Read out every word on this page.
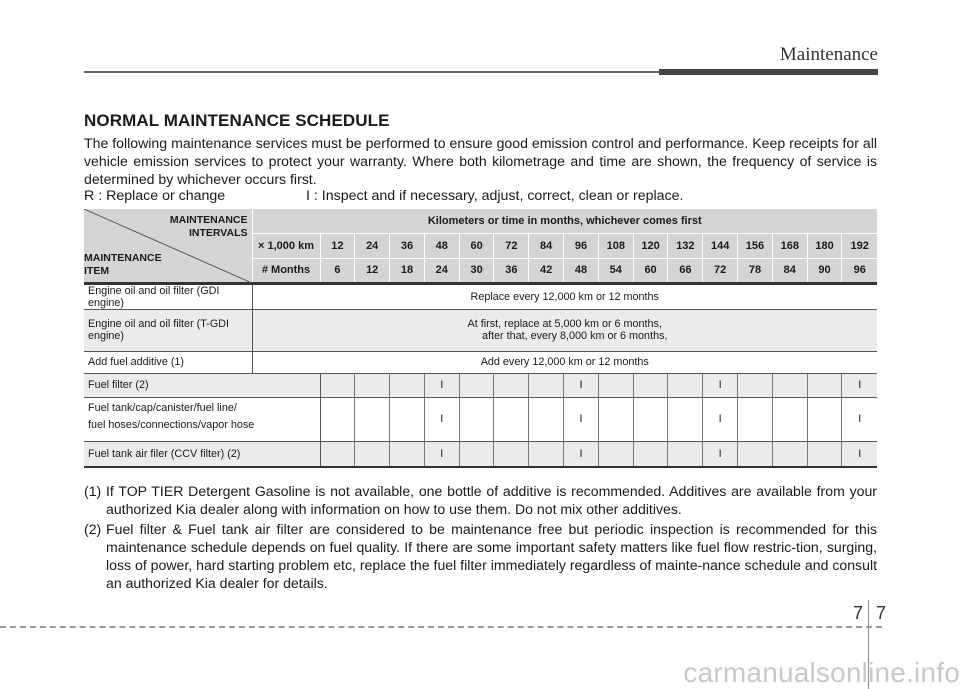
Maintenance
NORMAL MAINTENANCE SCHEDULE

The following maintenance services must be performed to ensure good emission control and performance. Keep receipts for all vehicle emission services to protect your warranty. Where both kilometrage and time are shown, the frequency of service is determined by whichever occurs first.

R : Replace or change	I : Inspect and if necessary, adjust, correct, clean or replace.
MAINTENANCE
INTERVALS
MAINTENANCE
ITEM	Kilometers or time in months, whichever comes first																
	× 1,000 km	12	24	36	48	60	72	84	96	108	120	132	144	156	168	180	192
	# Months	6	12	18	24	30	36	42	48	54	60	66	72	78	84	90	96
Engine oil and oil filter (GDI engine)	Replace every 12,000 km or 12 months																
Engine oil and oil filter (T-GDI engine)	At first, replace at 5,000 km or 6 months,
after that, every 8,000 km or 6 months,																
Add fuel additive (1)	Add every 12,000 km or 12 months																
Fuel filter (2)					I				I				I				I
Fuel tank/cap/canister/fuel line/
fuel hoses/connections/vapor hose					I				I				I				I
Fuel tank air filer (CCV filter) (2)					I				I				I				I
(1) If TOP TIER Detergent Gasoline is not available, one bottle of additive is recommended. Additives are available from your authorized Kia dealer along with information on how to use them. Do not mix other additives.
(2) Fuel filter & Fuel tank air filter are considered to be maintenance free but periodic inspection is recommended for this maintenance schedule depends on fuel quality. If there are some important safety matters like fuel flow restric-tion, surging, loss of power, hard starting problem etc, replace the fuel filter immediately regardless of mainte-nance schedule and consult an authorized Kia dealer for details.
7 7
carmanualsonline.info
